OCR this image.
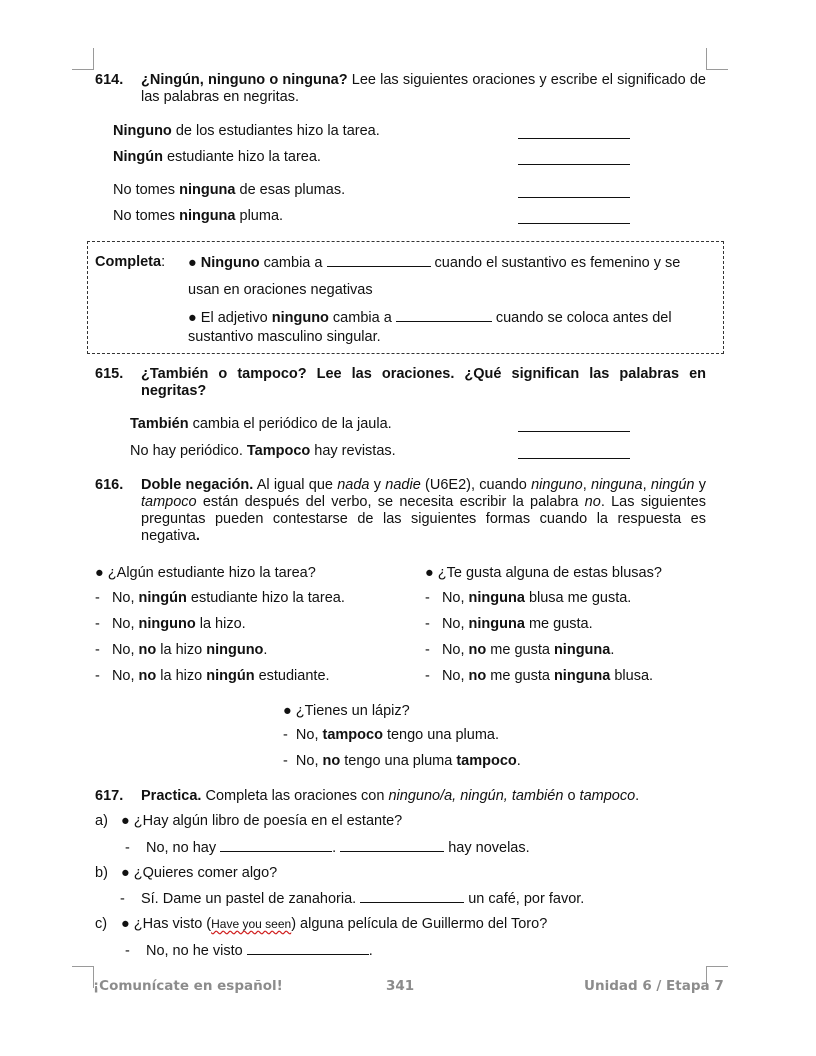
614. ¿Ningún, ninguno o ninguna? Lee las siguientes oraciones y escribe el significado de las palabras en negritas.
Ninguno de los estudiantes hizo la tarea.
Ningún estudiante hizo la tarea.
No tomes ninguna de esas plumas.
No tomes ninguna pluma.
Completa: ● Ninguno cambia a	cuando el sustantivo es femenino y se
usan en oraciones negativas
● El adjetivo ninguno cambia a	cuando se coloca antes del
sustantivo masculino singular.
615. ¿También o tampoco? Lee las oraciones. ¿Qué significan las palabras en negritas?
También cambia el periódico de la jaula.
No hay periódico. Tampoco hay revistas.
616. Doble negación. Al igual que nada y nadie (U6E2), cuando ninguno, ninguna, ningún y tampoco están después del verbo, se necesita escribir la palabra no. Las siguientes preguntas pueden contestarse de las siguientes formas cuando la respuesta es negativa.
● ¿Algún estudiante hizo la tarea?
- No, ningún estudiante hizo la tarea.
- No, ninguno la hizo.
- No, no la hizo ninguno.
- No, no la hizo ningún estudiante.
● ¿Te gusta alguna de estas blusas?
- No, ninguna blusa me gusta.
- No, ninguna me gusta.
- No, no me gusta ninguna.
- No, no me gusta ninguna blusa.
● ¿Tienes un lápiz?
- No, tampoco tengo una pluma.
- No, no tengo una pluma tampoco.
617. Practica. Completa las oraciones con ninguno/a, ningún, también o tampoco.
a) ● ¿Hay algún libro de poesía en el estante?
- No, no hay	.	hay novelas.
b) ● ¿Quieres comer algo?
- Sí. Dame un pastel de zanahoria.	un café, por favor.
c) ● ¿Has visto (Have you seen) alguna película de Guillermo del Toro?
- No, no he visto	.
¡Comunícate en español!	341	Unidad 6 / Etapa 7
